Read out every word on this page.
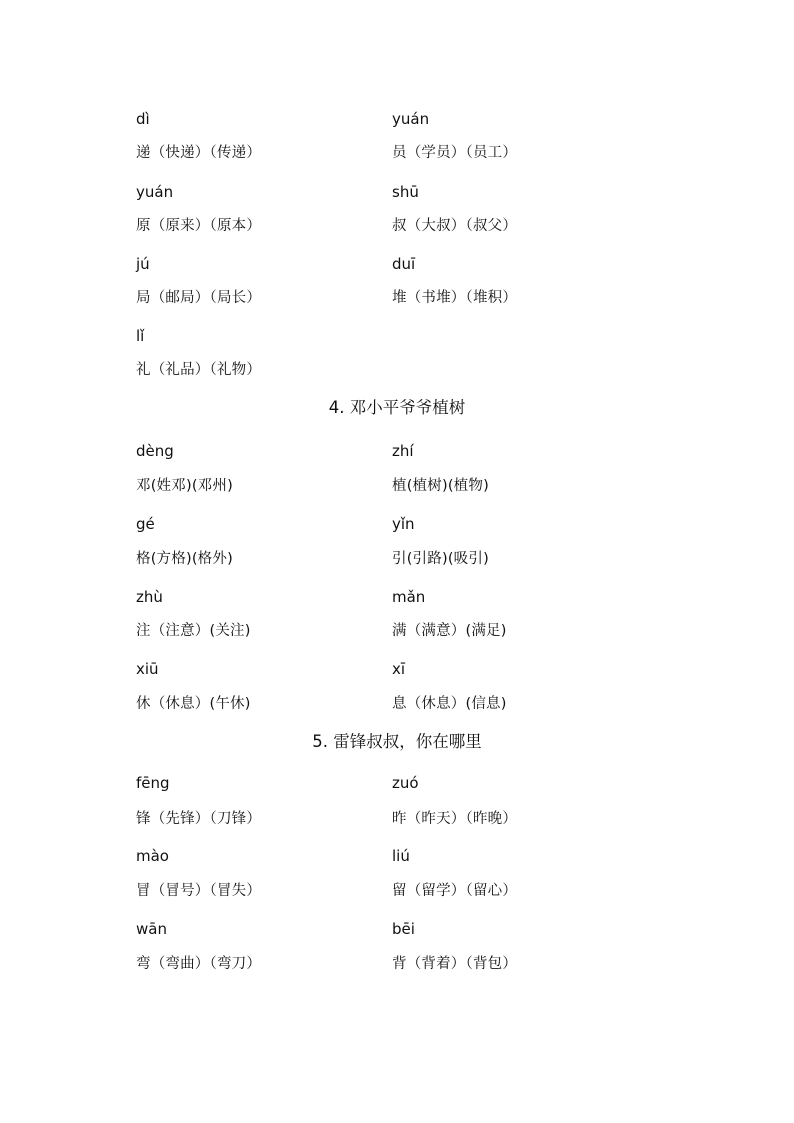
dì	yuán
递（快递）（传递）	员（学员）（员工）
yuán	shū
原（原来）（原本）	叔（大叔）（叔父）
jú	duī
局（邮局）（局长）	堆（书堆）（堆积）
lǐ
礼（礼品）（礼物）
4. 邓小平爷爷植树
dèng	zhí
邓(姓邓)(邓州)	植(植树)(植物)
gé	yǐn
格(方格)(格外)	引(引路)(吸引)
zhù	mǎn
注（注意）(关注)	满（满意）(满足)
xiū	xī
休（休息）(午休)	息（休息）(信息)
5. 雷锋叔叔，你在哪里
fēng	zuó
锋（先锋）（刀锋）	昨（昨天）（昨晚）
mào	liú
冒（冒号）（冒失）	留（留学）（留心）
wān	bēi
弯（弯曲）（弯刀）	背（背着）（背包）
